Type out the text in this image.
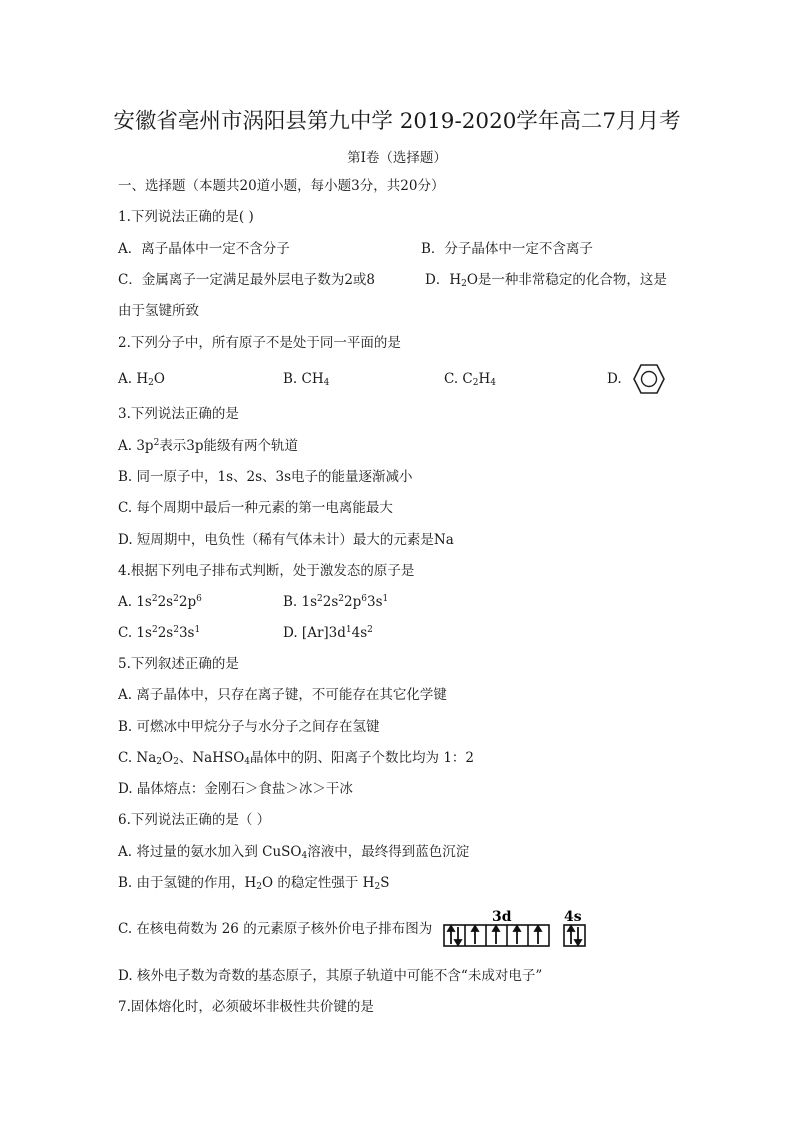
安徽省亳州市涡阳县第九中学 2019-2020学年高二7月月考
第Ⅰ卷（选择题）
一、选择题（本题共20道小题，每小题3分，共20分）
1.下列说法正确的是( )
A．离子晶体中一定不含分子	B．分子晶体中一定不含离子
C．金属离子一定满足最外层电子数为2或8	D．$H_2O$是一种非常稳定的化合物，这是
由于氢键所致
2.下列分子中，所有原子不是处于同一平面的是
A. $H_2O$	B. $CH_4$	C. $C_2H_4$	D.
3.下列说法正确的是
A. $3p^2$表示3p能级有两个轨道
B. 同一原子中，1s、2s、3s电子的能量逐渐减小
C. 每个周期中最后一种元素的第一电离能最大
D. 短周期中，电负性（稀有气体未计）最大的元素是Na
4.根据下列电子排布式判断，处于激发态的原子是
A. $1s^22s^22p^6$	B. $1s^22s^22p^63s^1$
C. $1s^22s^23s^1$	D. $[Ar]3d^14s^2$
5.下列叙述正确的是
A. 离子晶体中，只存在离子键，不可能存在其它化学键
B. 可燃冰中甲烷分子与水分子之间存在氢键
C. $Na_2O_2$、NaHSO$_4$晶体中的阴、阳离子个数比均为 1：2
D. 晶体熔点：金刚石＞食盐＞冰＞干冰
6.下列说法正确的是（ ）
A. 将过量的氨水加入到 CuSO$_4$溶液中，最终得到蓝色沉淀
B. 由于氢键的作用，$H_2O$ 的稳定性强于 $H_2S$
C. 在核电荷数为 26 的元素原子核外价电子排布图为
3d	4s
D. 核外电子数为奇数的基态原子，其原子轨道中可能不含“未成对电子”
7.固体熔化时，必须破坏非极性共价键的是
